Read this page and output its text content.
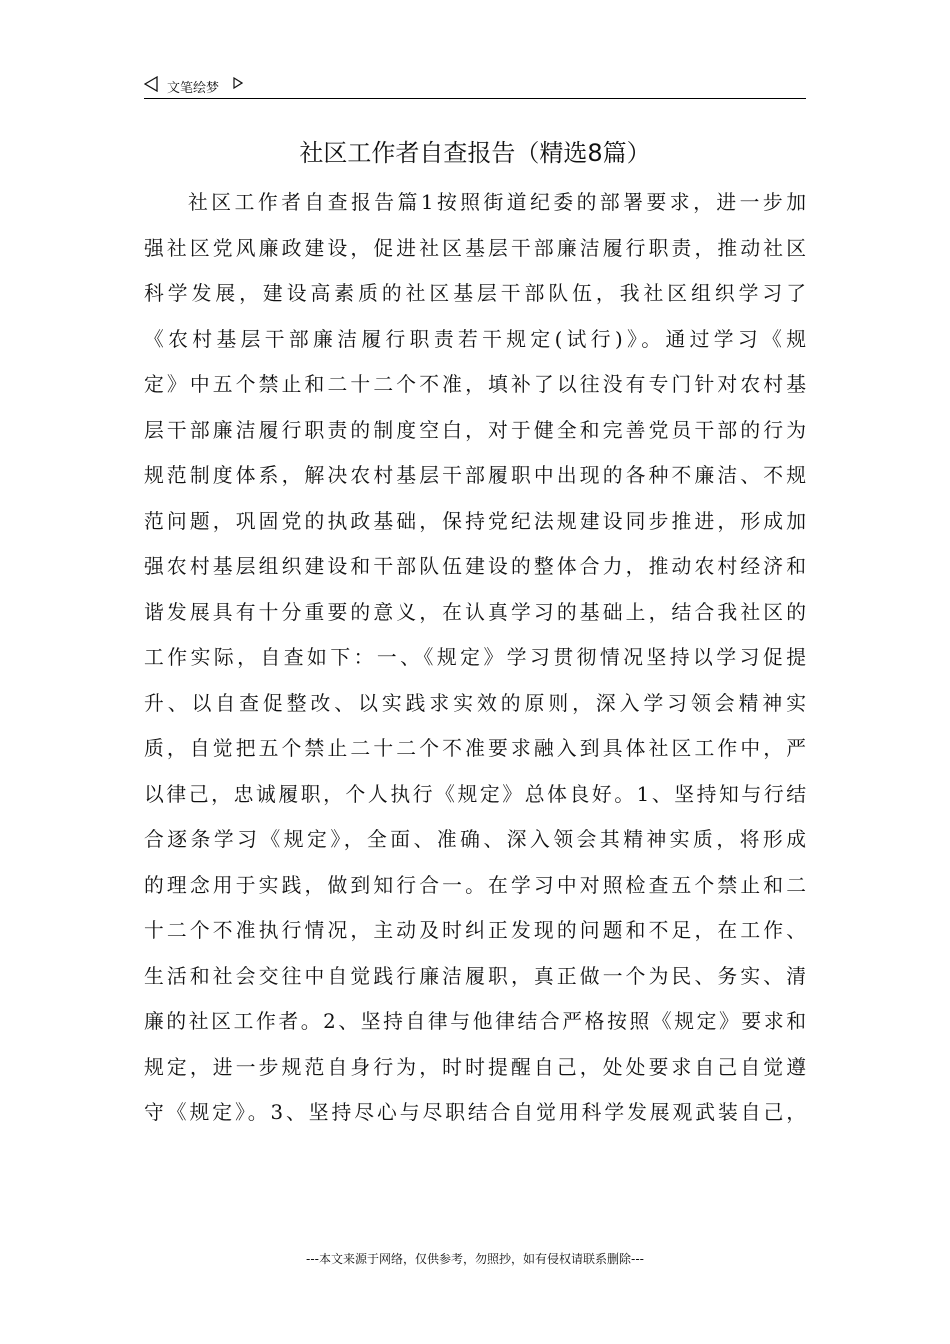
文笔绘梦
社区工作者自查报告（精选8篇）
社区工作者自查报告篇1按照街道纪委的部署要求，进一步加
强社区党风廉政建设，促进社区基层干部廉洁履行职责，推动社区
科学发展，建设高素质的社区基层干部队伍，我社区组织学习了
《农村基层干部廉洁履行职责若干规定(试行)》。通过学习《规
定》中五个禁止和二十二个不准，填补了以往没有专门针对农村基
层干部廉洁履行职责的制度空白，对于健全和完善党员干部的行为
规范制度体系，解决农村基层干部履职中出现的各种不廉洁、不规
范问题，巩固党的执政基础，保持党纪法规建设同步推进，形成加
强农村基层组织建设和干部队伍建设的整体合力，推动农村经济和
谐发展具有十分重要的意义，在认真学习的基础上，结合我社区的
工作实际，自查如下：一、《规定》学习贯彻情况坚持以学习促提
升、以自查促整改、以实践求实效的原则，深入学习领会精神实
质，自觉把五个禁止二十二个不准要求融入到具体社区工作中，严
以律己，忠诚履职，个人执行《规定》总体良好。1、坚持知与行结
合逐条学习《规定》，全面、准确、深入领会其精神实质，将形成
的理念用于实践，做到知行合一。在学习中对照检查五个禁止和二
十二个不准执行情况，主动及时纠正发现的问题和不足，在工作、
生活和社会交往中自觉践行廉洁履职，真正做一个为民、务实、清
廉的社区工作者。2、坚持自律与他律结合严格按照《规定》要求和
规定，进一步规范自身行为，时时提醒自己，处处要求自己自觉遵
守《规定》。3、坚持尽心与尽职结合自觉用科学发展观武装自己，
---本文来源于网络，仅供参考，勿照抄，如有侵权请联系删除---
